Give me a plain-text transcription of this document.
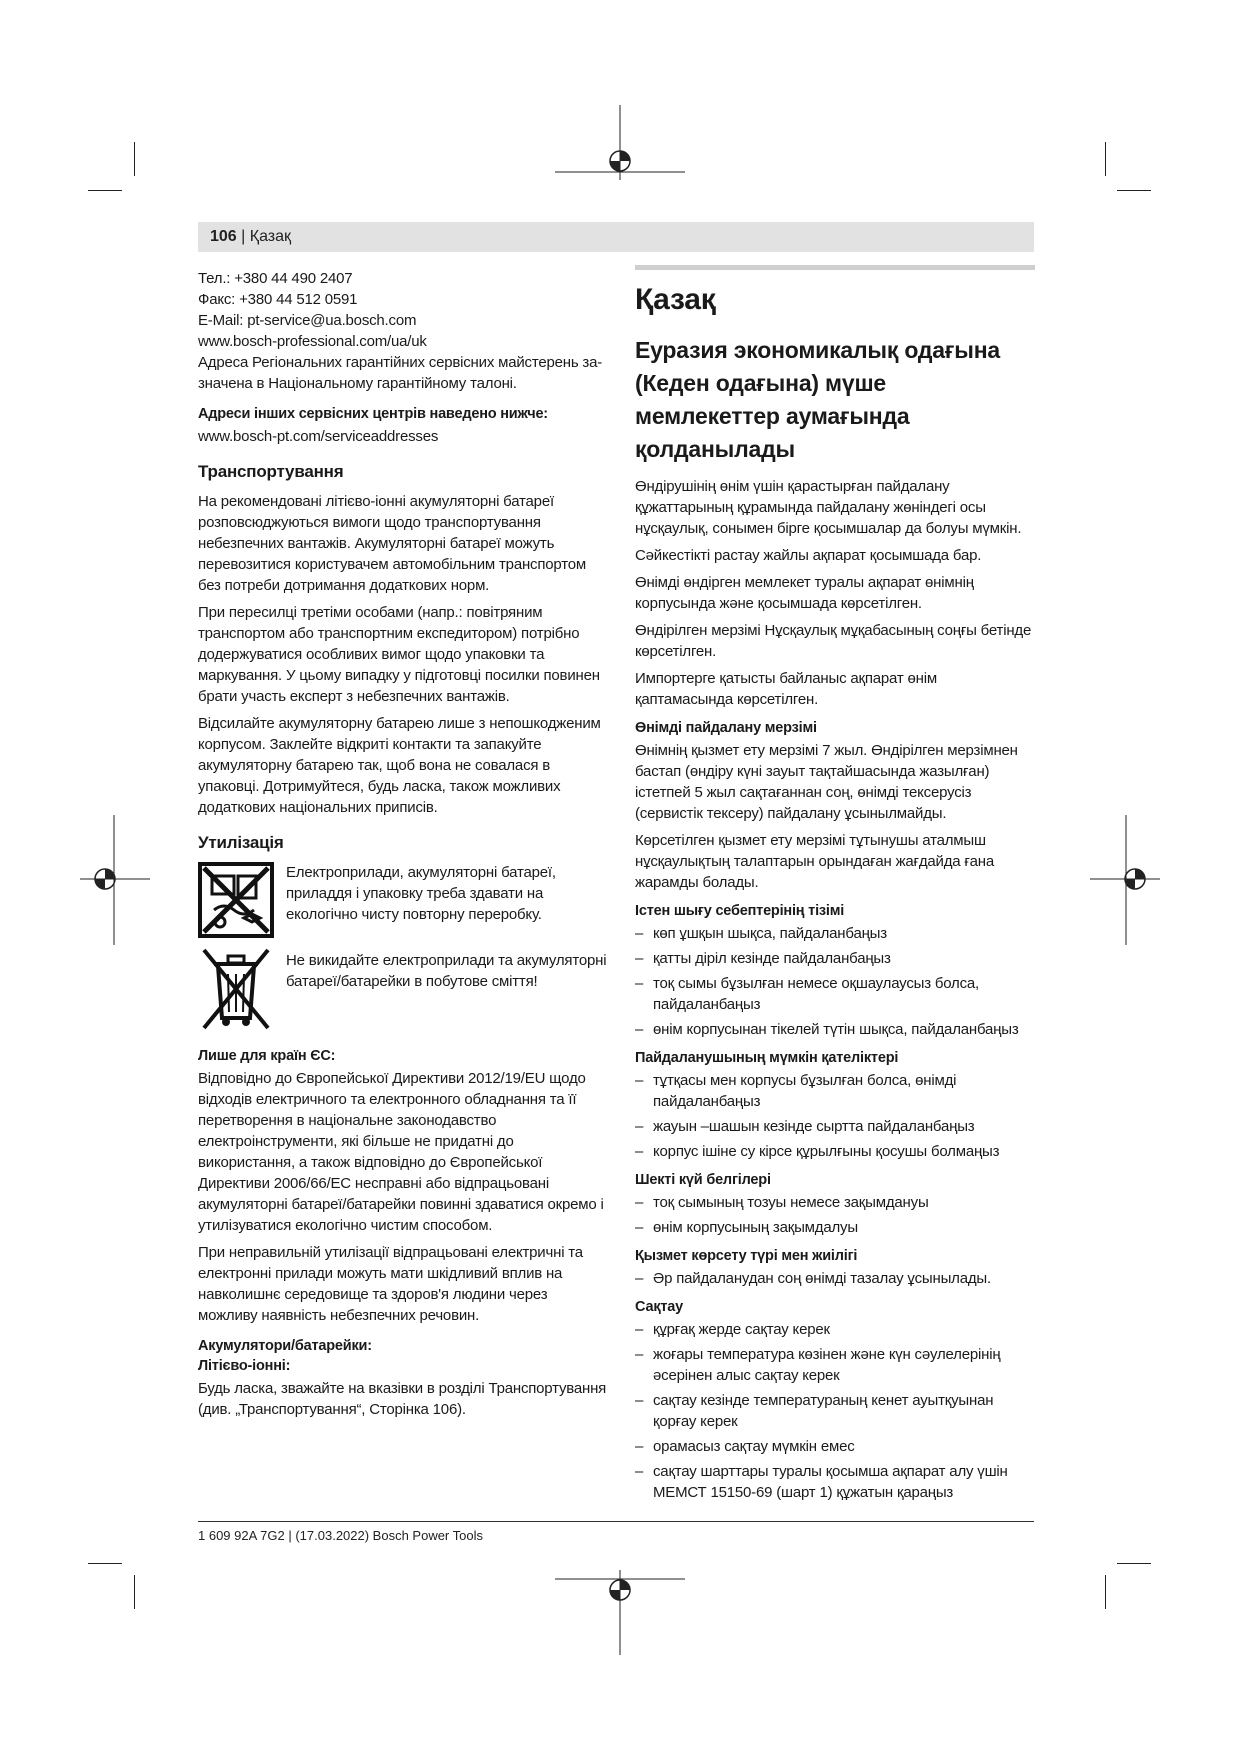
106 | Қазақ

Тел.: +380 44 490 2407

Факс: +380 44 512 0591

E-Mail: pt-service@ua.bosch.com

www.bosch-professional.com/ua/uk

Адреса Регіональних гарантійних сервісних майстерень за- значена в Національному гарантійному талоні.

Адреси інших сервісних центрів наведено нижче:

www.bosch-pt.com/serviceaddresses

Транспортування

На рекомендовані літієво-іонні акумуляторні батареї розповсюджуються вимоги щодо транспортування небезпечних вантажів. Акумуляторні батареї можуть перевозитися користувачем автомобільним транспортом без потреби дотримання додаткових норм.

При пересилці третіми особами (напр.: повітряним транспортом або транспортним експедитором) потрібно додержуватися особливих вимог щодо упаковки та маркування. У цьому випадку у підготовці посилки повинен брати участь експерт з небезпечних вантажів.

Відсилайте акумуляторну батарею лише з непошкодженим корпусом. Заклейте відкриті контакти та запакуйте акумуляторну батарею так, щоб вона не совалася в упаковці. Дотримуйтеся, будь ласка, також можливих додаткових національних приписів.

Утилізація
Електроприлади, акумуляторні батареї, приладдя і упаковку треба здавати на екологічно чисту повторну переробку.
Не викидайте електроприлади та акумуляторні батареї/батарейки в побутове сміття!
Лише для країн ЄС:

Відповідно до Європейської Директиви 2012/19/EU щодо відходів електричного та електронного обладнання та її перетворення в національне законодавство електроінструменти, які більше не придатні до використання, а також відповідно до Європейської Директиви 2006/66/EC несправні або відпрацьовані акумуляторні батареї/батарейки повинні здаватися окремо і утилізуватися екологічно чистим способом.

При неправильній утилізації відпрацьовані електричні та електронні прилади можуть мати шкідливий вплив на навколишнє середовище та здоров'я людини через можливу наявність небезпечних речовин.

Акумулятори/батарейки:
Літієво-іонні:

Будь ласка, зважайте на вказівки в розділі Транспортування (див. „Транспортування“, Сторінка 106).

Қазақ
Еуразия экономикалық одағына (Кеден одағына) мүше мемлекеттер аумағында қолданылады

Өндірушінің өнім үшін қарастырған пайдалану құжаттарының құрамында пайдалану жөніндегі осы нұсқаулық, сонымен бірге қосымшалар да болуы мүмкін.

Сәйкестікті растау жайлы ақпарат қосымшада бар.

Өнімді өндірген мемлекет туралы ақпарат өнімнің корпусында және қосымшада көрсетілген.

Өндірілген мерзімі Нұсқаулық мұқабасының соңғы бетінде көрсетілген.

Импортерге қатысты байланыс ақпарат өнім қаптамасында көрсетілген.

Өнімді пайдалану мерзімі

Өнімнің қызмет ету мерзімі 7 жыл. Өндірілген мерзімнен бастап (өндіру күні зауыт тақтайшасында жазылған) істетпей 5 жыл сақтағаннан соң, өнімді тексерусіз (сервистік тексеру) пайдалану ұсынылмайды.

Көрсетілген қызмет ету мерзімі тұтынушы аталмыш нұсқаулықтың талаптарын орындаған жағдайда ғана жарамды болады.

Істен шығу себептерінің тізімі
– көп ұшқын шықса, пайдаланбаңыз
– қатты діріл кезінде пайдаланбаңыз
– тоқ сымы бұзылған немесе оқшаулаусыз болса, пайдаланбаңыз
– өнім корпусынан тікелей түтін шықса, пайдаланбаңыз
Пайдаланушының мүмкін қателіктері
– тұтқасы мен корпусы бұзылған болса, өнімді пайдаланбаңыз
– жауын –шашын кезінде сыртта пайдаланбаңыз
– корпус ішіне су кірсе құрылғыны қосушы болмаңыз
Шекті күй белгілері
– тоқ сымының тозуы немесе зақымдануы
– өнім корпусының зақымдалуы
Қызмет көрсету түрі мен жиілігі
– Әр пайдаланудан соң өнімді тазалау ұсынылады.
Сақтау
– құрғақ жерде сақтау керек
– жоғары температура көзінен және күн сәулелерінің әсерінен алыс сақтау керек
– сақтау кезінде температураның кенет ауытқуынан қорғау керек
– орамасыз сақтау мүмкін емес
– сақтау шарттары туралы қосымша ақпарат алу үшін МЕМСТ 15150-69 (шарт 1) құжатын қараңыз
1 609 92A 7G2 | (17.03.2022) Bosch Power Tools
